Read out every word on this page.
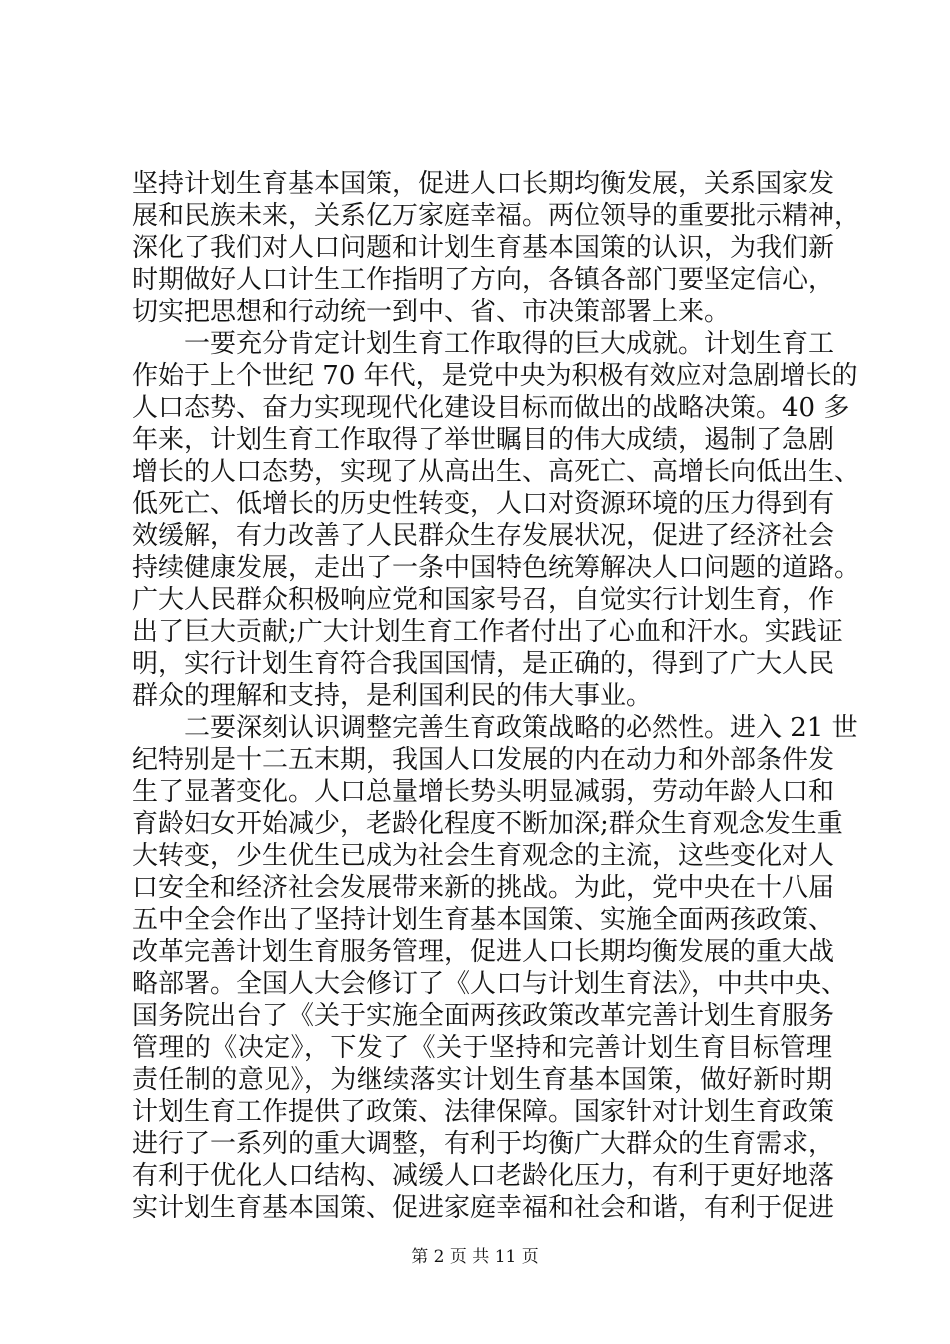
坚持计划生育基本国策，促进人口长期均衡发展，关系国家发
展和民族未来，关系亿万家庭幸福。两位领导的重要批示精神，
深化了我们对人口问题和计划生育基本国策的认识，为我们新
时期做好人口计生工作指明了方向，各镇各部门要坚定信心，
切实把思想和行动统一到中、省、市决策部署上来。
　　一要充分肯定计划生育工作取得的巨大成就。计划生育工
作始于上个世纪 70 年代，是党中央为积极有效应对急剧增长的
人口态势、奋力实现现代化建设目标而做出的战略决策。40 多
年来，计划生育工作取得了举世瞩目的伟大成绩，遏制了急剧
增长的人口态势，实现了从高出生、高死亡、高增长向低出生、
低死亡、低增长的历史性转变，人口对资源环境的压力得到有
效缓解，有力改善了人民群众生存发展状况，促进了经济社会
持续健康发展，走出了一条中国特色统筹解决人口问题的道路。
广大人民群众积极响应党和国家号召，自觉实行计划生育，作
出了巨大贡献;广大计划生育工作者付出了心血和汗水。实践证
明，实行计划生育符合我国国情，是正确的，得到了广大人民
群众的理解和支持，是利国利民的伟大事业。
　　二要深刻认识调整完善生育政策战略的必然性。进入 21 世
纪特别是十二五末期，我国人口发展的内在动力和外部条件发
生了显著变化。人口总量增长势头明显减弱，劳动年龄人口和
育龄妇女开始减少，老龄化程度不断加深;群众生育观念发生重
大转变，少生优生已成为社会生育观念的主流，这些变化对人
口安全和经济社会发展带来新的挑战。为此，党中央在十八届
五中全会作出了坚持计划生育基本国策、实施全面两孩政策、
改革完善计划生育服务管理，促进人口长期均衡发展的重大战
略部署。全国人大会修订了《人口与计划生育法》，中共中央、
国务院出台了《关于实施全面两孩政策改革完善计划生育服务
管理的《决定》，下发了《关于坚持和完善计划生育目标管理
责任制的意见》，为继续落实计划生育基本国策，做好新时期
计划生育工作提供了政策、法律保障。国家针对计划生育政策
进行了一系列的重大调整，有利于均衡广大群众的生育需求，
有利于优化人口结构、减缓人口老龄化压力，有利于更好地落
实计划生育基本国策、促进家庭幸福和社会和谐，有利于促进
第 2 页 共 11 页
